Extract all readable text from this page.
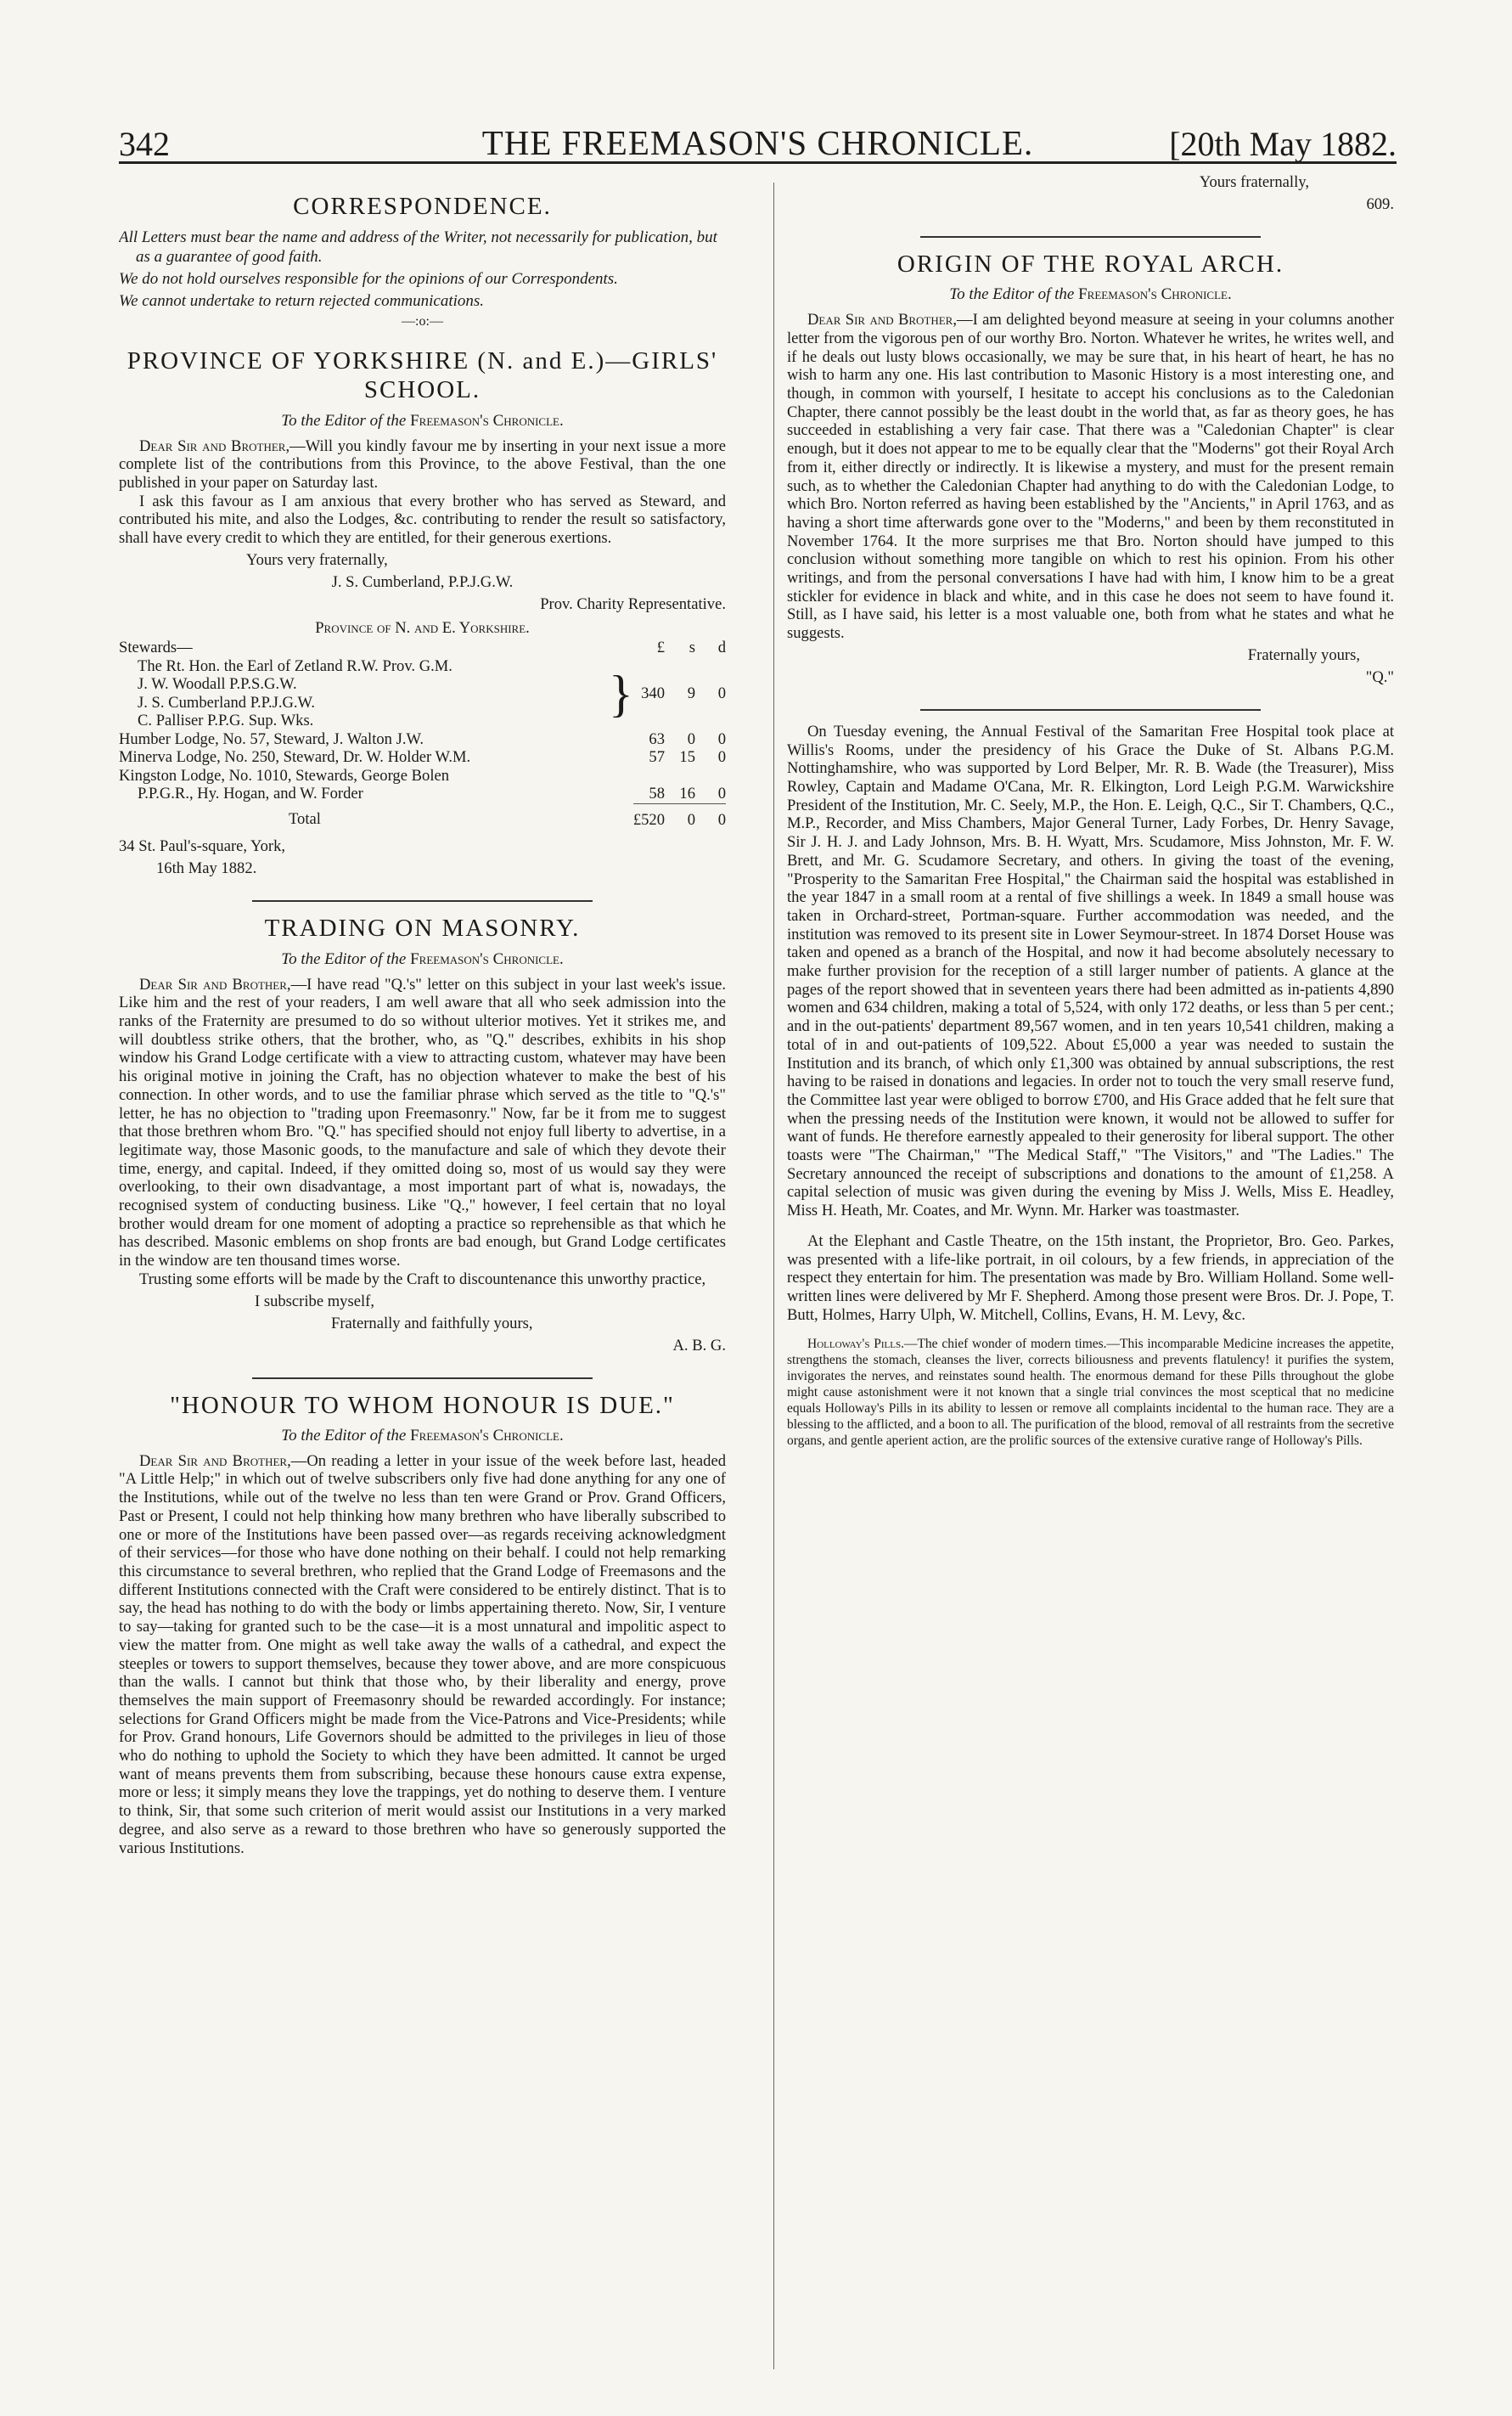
342	THE FREEMASON'S CHRONICLE.	[20th May 1882.
CORRESPONDENCE.

All Letters must bear the name and address of the Writer, not necessarily for publication, but as a guarantee of good faith.

We do not hold ourselves responsible for the opinions of our Correspondents.

We cannot undertake to return rejected communications.

—:o:—
PROVINCE OF YORKSHIRE (N. and E.)—GIRLS' SCHOOL.
To the Editor of the Freemason's Chronicle.

Dear Sir and Brother,—Will you kindly favour me by inserting in your next issue a more complete list of the contributions from this Province, to the above Festival, than the one published in your paper on Saturday last.

I ask this favour as I am anxious that every brother who has served as Steward, and contributed his mite, and also the Lodges, &c. contributing to render the result so satisfactory, shall have every credit to which they are entitled, for their generous exertions.

Yours very fraternally,
J. S. Cumberland, P.P.J.G.W.
Prov. Charity Representative.
Province of N. and E. Yorkshire.
Stewards—		£	s	d
The Rt. Hon. the Earl of Zetland R.W. Prov. G.M.	}	340	9	0
J. W. Woodall P.P.S.G.W.				
J. S. Cumberland P.P.J.G.W.				
C. Palliser P.P.G. Sup. Wks.				
Humber Lodge, No. 57, Steward, J. Walton J.W.		63	0	0
Minerva Lodge, No. 250, Steward, Dr. W. Holder W.M.		57	15	0
Kingston Lodge, No. 1010, Stewards, George Bolen				
P.P.G.R., Hy. Hogan, and W. Forder		58	16	0
Total		£520	0	0
34 St. Paul's-square, York,
16th May 1882.
TRADING ON MASONRY.
To the Editor of the Freemason's Chronicle.

Dear Sir and Brother,—I have read "Q.'s" letter on this subject in your last week's issue. Like him and the rest of your readers, I am well aware that all who seek admission into the ranks of the Fraternity are presumed to do so without ulterior motives. Yet it strikes me, and will doubtless strike others, that the brother, who, as "Q." describes, exhibits in his shop window his Grand Lodge certificate with a view to attracting custom, whatever may have been his original motive in joining the Craft, has no objection whatever to make the best of his connection. In other words, and to use the familiar phrase which served as the title to "Q.'s" letter, he has no objection to "trading upon Freemasonry." Now, far be it from me to suggest that those brethren whom Bro. "Q." has specified should not enjoy full liberty to advertise, in a legitimate way, those Masonic goods, to the manufacture and sale of which they devote their time, energy, and capital. Indeed, if they omitted doing so, most of us would say they were overlooking, to their own disadvantage, a most important part of what is, nowadays, the recognised system of conducting business. Like "Q.," however, I feel certain that no loyal brother would dream for one moment of adopting a practice so reprehensible as that which he has described. Masonic emblems on shop fronts are bad enough, but Grand Lodge certificates in the window are ten thousand times worse.

Trusting some efforts will be made by the Craft to discountenance this unworthy practice,

I subscribe myself,
Fraternally and faithfully yours,
A. B. G.
"HONOUR TO WHOM HONOUR IS DUE."
To the Editor of the Freemason's Chronicle.

Dear Sir and Brother,—On reading a letter in your issue of the week before last, headed "A Little Help;" in which out of twelve subscribers only five had done anything for any one of the Institutions, while out of the twelve no less than ten were Grand or Prov. Grand Officers, Past or Present, I could not help thinking how many brethren who have liberally subscribed to one or more of the Institutions have been passed over—as regards receiving acknowledgment of their services—for those who have done nothing on their behalf. I could not help remarking this circumstance to several brethren, who replied that the Grand Lodge of Freemasons and the different Institutions connected with the Craft were considered to be entirely distinct. That is to say, the head has nothing to do with the body or limbs appertaining thereto. Now, Sir, I venture to say—taking for granted such to be the case—it is a most unnatural and impolitic aspect to view the matter from. One might as well take away the walls of a cathedral, and expect the steeples or towers to support themselves, because they tower above, and are more conspicuous than the walls. I cannot but think that those who, by their liberality and energy, prove themselves the main support of Freemasonry should be rewarded accordingly. For instance; selections for Grand Officers might be made from the Vice-Patrons and Vice-Presidents; while for Prov. Grand honours, Life Governors should be admitted to the privileges in lieu of those who do nothing to uphold the Society to which they have been admitted. It cannot be urged want of means prevents them from subscribing, because these honours cause extra expense, more or less; it simply means they love the trappings, yet do nothing to deserve them. I venture to think, Sir, that some such criterion of merit would assist our Institutions in a very marked degree, and also serve as a reward to those brethren who have so generously supported the various Institutions.

Yours fraternally,
609.
ORIGIN OF THE ROYAL ARCH.
To the Editor of the Freemason's Chronicle.

Dear Sir and Brother,—I am delighted beyond measure at seeing in your columns another letter from the vigorous pen of our worthy Bro. Norton. Whatever he writes, he writes well, and if he deals out lusty blows occasionally, we may be sure that, in his heart of heart, he has no wish to harm any one. His last contribution to Masonic History is a most interesting one, and though, in common with yourself, I hesitate to accept his conclusions as to the Caledonian Chapter, there cannot possibly be the least doubt in the world that, as far as theory goes, he has succeeded in establishing a very fair case. That there was a "Caledonian Chapter" is clear enough, but it does not appear to me to be equally clear that the "Moderns" got their Royal Arch from it, either directly or indirectly. It is likewise a mystery, and must for the present remain such, as to whether the Caledonian Chapter had anything to do with the Caledonian Lodge, to which Bro. Norton referred as having been established by the "Ancients," in April 1763, and as having a short time afterwards gone over to the "Moderns," and been by them reconstituted in November 1764. It the more surprises me that Bro. Norton should have jumped to this conclusion without something more tangible on which to rest his opinion. From his other writings, and from the personal conversations I have had with him, I know him to be a great stickler for evidence in black and white, and in this case he does not seem to have found it. Still, as I have said, his letter is a most valuable one, both from what he states and what he suggests.

Fraternally yours,
"Q."

On Tuesday evening, the Annual Festival of the Samaritan Free Hospital took place at Willis's Rooms, under the presidency of his Grace the Duke of St. Albans P.G.M. Nottinghamshire, who was supported by Lord Belper, Mr. R. B. Wade (the Treasurer), Miss Rowley, Captain and Madame O'Cana, Mr. R. Elkington, Lord Leigh P.G.M. Warwickshire President of the Institution, Mr. C. Seely, M.P., the Hon. E. Leigh, Q.C., Sir T. Chambers, Q.C., M.P., Recorder, and Miss Chambers, Major General Turner, Lady Forbes, Dr. Henry Savage, Sir J. H. J. and Lady Johnson, Mrs. B. H. Wyatt, Mrs. Scudamore, Miss Johnston, Mr. F. W. Brett, and Mr. G. Scudamore Secretary, and others. In giving the toast of the evening, "Prosperity to the Samaritan Free Hospital," the Chairman said the hospital was established in the year 1847 in a small room at a rental of five shillings a week. In 1849 a small house was taken in Orchard-street, Portman-square. Further accommodation was needed, and the institution was removed to its present site in Lower Seymour-street. In 1874 Dorset House was taken and opened as a branch of the Hospital, and now it had become absolutely necessary to make further provision for the reception of a still larger number of patients. A glance at the pages of the report showed that in seventeen years there had been admitted as in-patients 4,890 women and 634 children, making a total of 5,524, with only 172 deaths, or less than 5 per cent.; and in the out-patients' department 89,567 women, and in ten years 10,541 children, making a total of in and out-patients of 109,522. About £5,000 a year was needed to sustain the Institution and its branch, of which only £1,300 was obtained by annual subscriptions, the rest having to be raised in donations and legacies. In order not to touch the very small reserve fund, the Committee last year were obliged to borrow £700, and His Grace added that he felt sure that when the pressing needs of the Institution were known, it would not be allowed to suffer for want of funds. He therefore earnestly appealed to their generosity for liberal support. The other toasts were "The Chairman," "The Medical Staff," "The Visitors," and "The Ladies." The Secretary announced the receipt of subscriptions and donations to the amount of £1,258. A capital selection of music was given during the evening by Miss J. Wells, Miss E. Headley, Miss H. Heath, Mr. Coates, and Mr. Wynn. Mr. Harker was toastmaster.

At the Elephant and Castle Theatre, on the 15th instant, the Proprietor, Bro. Geo. Parkes, was presented with a life-like portrait, in oil colours, by a few friends, in appreciation of the respect they entertain for him. The presentation was made by Bro. William Holland. Some well-written lines were delivered by Mr F. Shepherd. Among those present were Bros. Dr. J. Pope, T. Butt, Holmes, Harry Ulph, W. Mitchell, Collins, Evans, H. M. Levy, &c.

Holloway's Pills.—The chief wonder of modern times.—This incomparable Medicine increases the appetite, strengthens the stomach, cleanses the liver, corrects biliousness and prevents flatulency! it purifies the system, invigorates the nerves, and reinstates sound health. The enormous demand for these Pills throughout the globe might cause astonishment were it not known that a single trial convinces the most sceptical that no medicine equals Holloway's Pills in its ability to lessen or remove all complaints incidental to the human race. They are a blessing to the afflicted, and a boon to all. The purification of the blood, removal of all restraints from the secretive organs, and gentle aperient action, are the prolific sources of the extensive curative range of Holloway's Pills.
